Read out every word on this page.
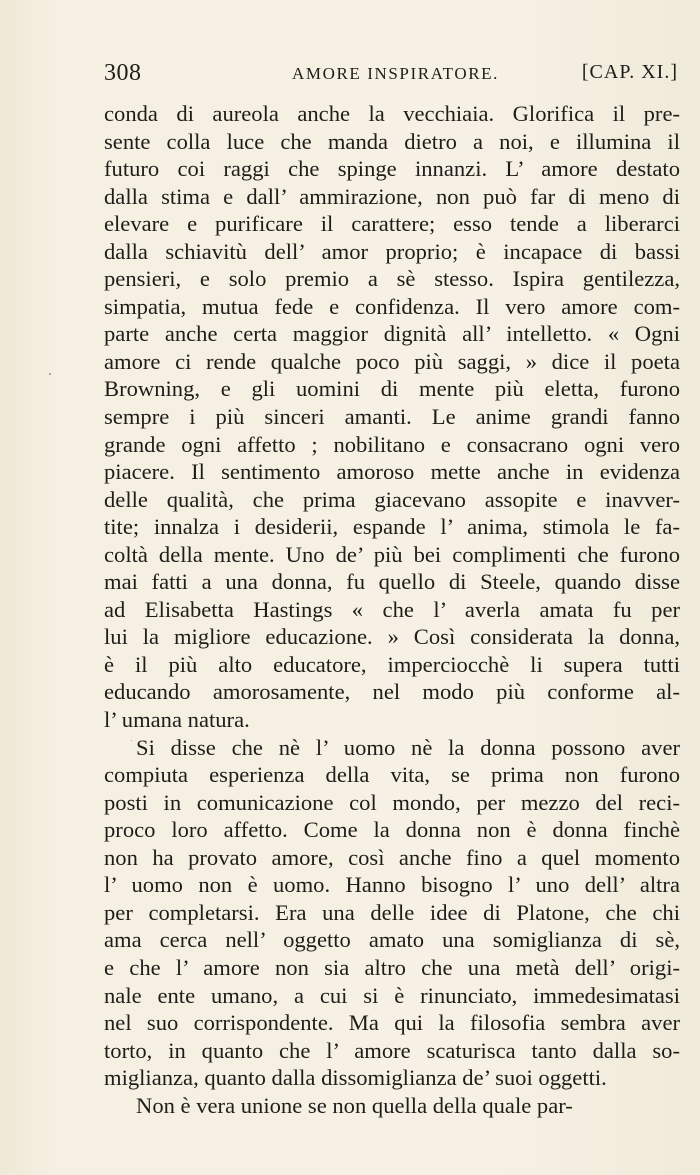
308	AMORE INSPIRATORE.	[CAP. XI.]
conda di aureola anche la vecchiaia. Glorifica il pre-
sente colla luce che manda dietro a noi, e illumina il
futuro coi raggi che spinge innanzi. L’ amore destato
dalla stima e dall’ ammirazione, non può far di meno di
elevare e purificare il carattere; esso tende a liberarci
dalla schiavitù dell’ amor proprio; è incapace di bassi
pensieri, e solo premio a sè stesso. Ispira gentilezza,
simpatia, mutua fede e confidenza. Il vero amore com-
parte anche certa maggior dignità all’ intelletto. « Ogni
amore ci rende qualche poco più saggi, » dice il poeta
Browning, e gli uomini di mente più eletta, furono
sempre i più sinceri amanti. Le anime grandi fanno
grande ogni affetto ; nobilitano e consacrano ogni vero
piacere. Il sentimento amoroso mette anche in evidenza
delle qualità, che prima giacevano assopite e inavver-
tite; innalza i desiderii, espande l’ anima, stimola le fa-
coltà della mente. Uno de’ più bei complimenti che furono
mai fatti a una donna, fu quello di Steele, quando disse
ad Elisabetta Hastings « che l’ averla amata fu per
lui la migliore educazione. » Così considerata la donna,
è il più alto educatore, imperciocchè li supera tutti
educando amorosamente, nel modo più conforme al-
l’ umana natura.
Si disse che nè l’ uomo nè la donna possono aver
compiuta esperienza della vita, se prima non furono
posti in comunicazione col mondo, per mezzo del reci-
proco loro affetto. Come la donna non è donna finchè
non ha provato amore, così anche fino a quel momento
l’ uomo non è uomo. Hanno bisogno l’ uno dell’ altra
per completarsi. Era una delle idee di Platone, che chi
ama cerca nell’ oggetto amato una somiglianza di sè,
e che l’ amore non sia altro che una metà dell’ origi-
nale ente umano, a cui si è rinunciato, immedesimatasi
nel suo corrispondente. Ma qui la filosofia sembra aver
torto, in quanto che l’ amore scaturisca tanto dalla so-
miglianza, quanto dalla dissomiglianza de’ suoi oggetti.
Non è vera unione se non quella della quale par-
